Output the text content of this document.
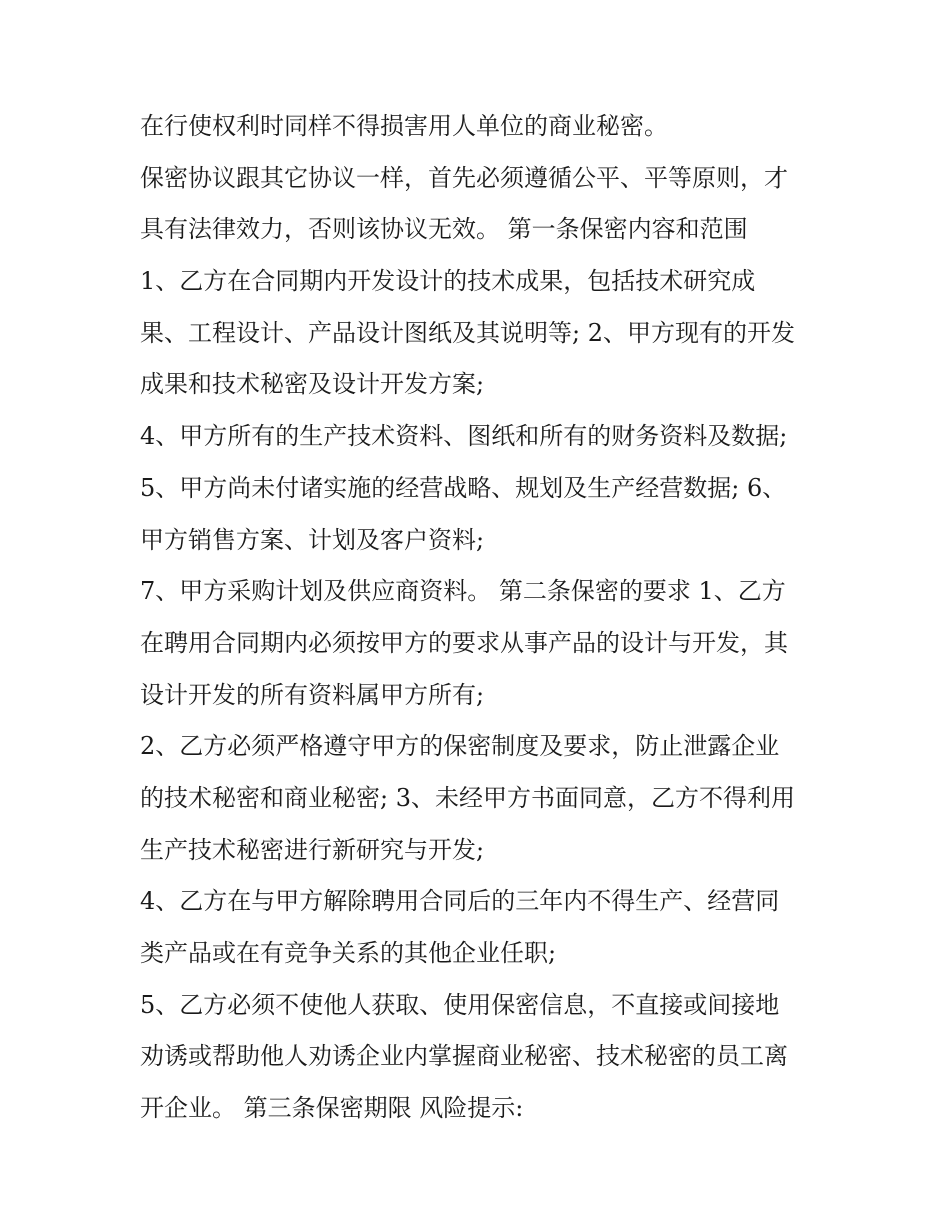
在行使权利时同样不得损害用人单位的商业秘密。
保密协议跟其它协议一样，首先必须遵循公平、平等原则，才
具有法律效力，否则该协议无效。 第一条保密内容和范围
1、乙方在合同期内开发设计的技术成果，包括技术研究成
果、工程设计、产品设计图纸及其说明等; 2、甲方现有的开发
成果和技术秘密及设计开发方案;
4、甲方所有的生产技术资料、图纸和所有的财务资料及数据;
5、甲方尚未付诸实施的经营战略、规划及生产经营数据; 6、
甲方销售方案、计划及客户资料;
7、甲方采购计划及供应商资料。 第二条保密的要求 1、乙方
在聘用合同期内必须按甲方的要求从事产品的设计与开发，其
设计开发的所有资料属甲方所有;
2、乙方必须严格遵守甲方的保密制度及要求，防止泄露企业
的技术秘密和商业秘密; 3、未经甲方书面同意，乙方不得利用
生产技术秘密进行新研究与开发;
4、乙方在与甲方解除聘用合同后的三年内不得生产、经营同
类产品或在有竞争关系的其他企业任职;
5、乙方必须不使他人获取、使用保密信息，不直接或间接地
劝诱或帮助他人劝诱企业内掌握商业秘密、技术秘密的员工离
开企业。 第三条保密期限 风险提示:
